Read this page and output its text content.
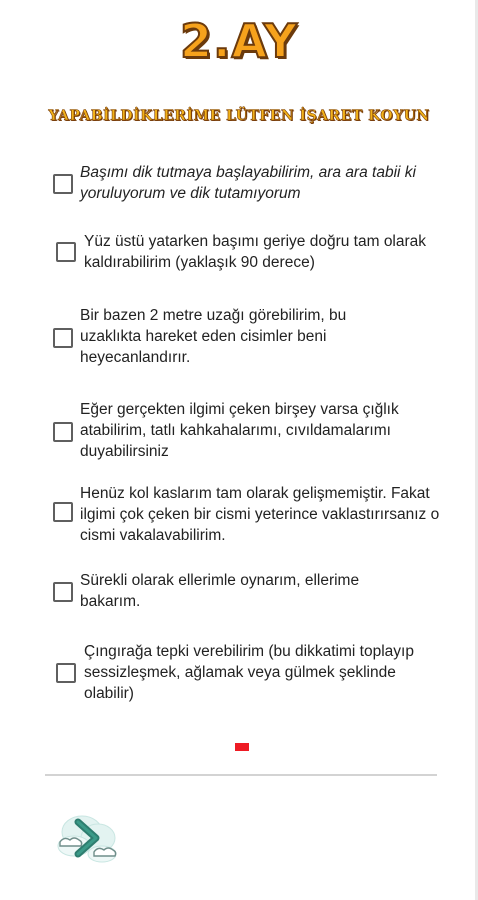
2.AY
YAPABİLDİKLERİME LÜTFEN İŞARET KOYUN
Başımı dik tutmaya başlayabilirim, ara ara tabii ki yoruluyorum ve dik tutamıyorum
Yüz üstü yatarken başımı geriye doğru tam olarak kaldırabilirim (yaklaşık 90 derece)
Bir bazen 2 metre uzağı görebilirim, bu uzaklıkta hareket eden cisimler beni heyecanlandırır.
Eğer gerçekten ilgimi çeken birşey varsa çığlık atabilirim, tatlı kahkahalarımı, cıvıldamalarımı duyabilirsiniz
Henüz kol kaslarım tam olarak gelişmemiştir. Fakat ilgimi çok çeken bir cismi yeterince vaklastırırsanız o cismi vakalavabilirim.
Sürekli olarak ellerimle oynarım, ellerime bakarım.
Çıngırağa tepki verebilirim (bu dikkatimi toplayıp sessizleşmek, ağlamak veya gülmek şeklinde olabilir)
